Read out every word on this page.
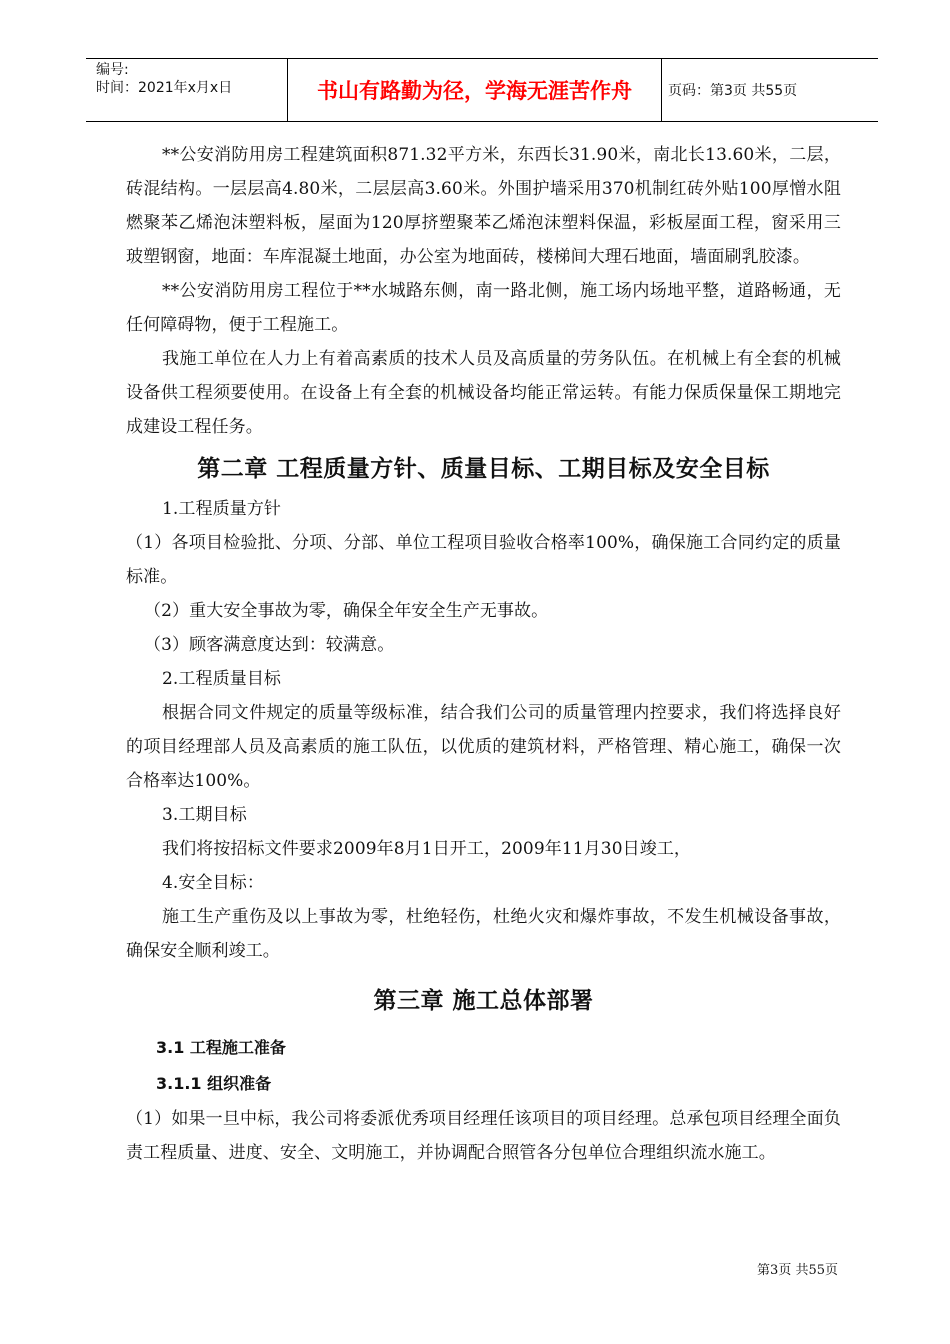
编号:
时间：2021年x月x日	书山有路勤为径，学海无涯苦作舟	页码：第3页 共55页

**公安消防用房工程建筑面积871.32平方米，东西长31.90米，南北长13.60米，二层，砖混结构。一层层高4.80米，二层层高3.60米。外围护墙采用370机制红砖外贴100厚憎水阻燃聚苯乙烯泡沫塑料板，屋面为120厚挤塑聚苯乙烯泡沫塑料保温，彩板屋面工程，窗采用三玻塑钢窗，地面：车库混凝土地面，办公室为地面砖，楼梯间大理石地面，墙面刷乳胶漆。

**公安消防用房工程位于**水城路东侧，南一路北侧，施工场内场地平整，道路畅通，无任何障碍物，便于工程施工。

我施工单位在人力上有着高素质的技术人员及高质量的劳务队伍。在机械上有全套的机械设备供工程须要使用。在设备上有全套的机械设备均能正常运转。有能力保质保量保工期地完成建设工程任务。

第二章 工程质量方针、质量目标、工期目标及安全目标

1.工程质量方针

（1）各项目检验批、分项、分部、单位工程项目验收合格率100%，确保施工合同约定的质量标准。

（2）重大安全事故为零，确保全年安全生产无事故。

（3）顾客满意度达到：较满意。

2.工程质量目标

根据合同文件规定的质量等级标准，结合我们公司的质量管理内控要求，我们将选择良好的项目经理部人员及高素质的施工队伍，以优质的建筑材料，严格管理、精心施工，确保一次合格率达100%。

3.工期目标

我们将按招标文件要求2009年8月1日开工，2009年11月30日竣工，

4.安全目标：

施工生产重伤及以上事故为零，杜绝轻伤，杜绝火灾和爆炸事故，不发生机械设备事故，确保安全顺利竣工。

第三章 施工总体部署
3.1 工程施工准备
3.1.1 组织准备

（1）如果一旦中标，我公司将委派优秀项目经理任该项目的项目经理。总承包项目经理全面负责工程质量、进度、安全、文明施工，并协调配合照管各分包单位合理组织流水施工。

第3页 共55页
